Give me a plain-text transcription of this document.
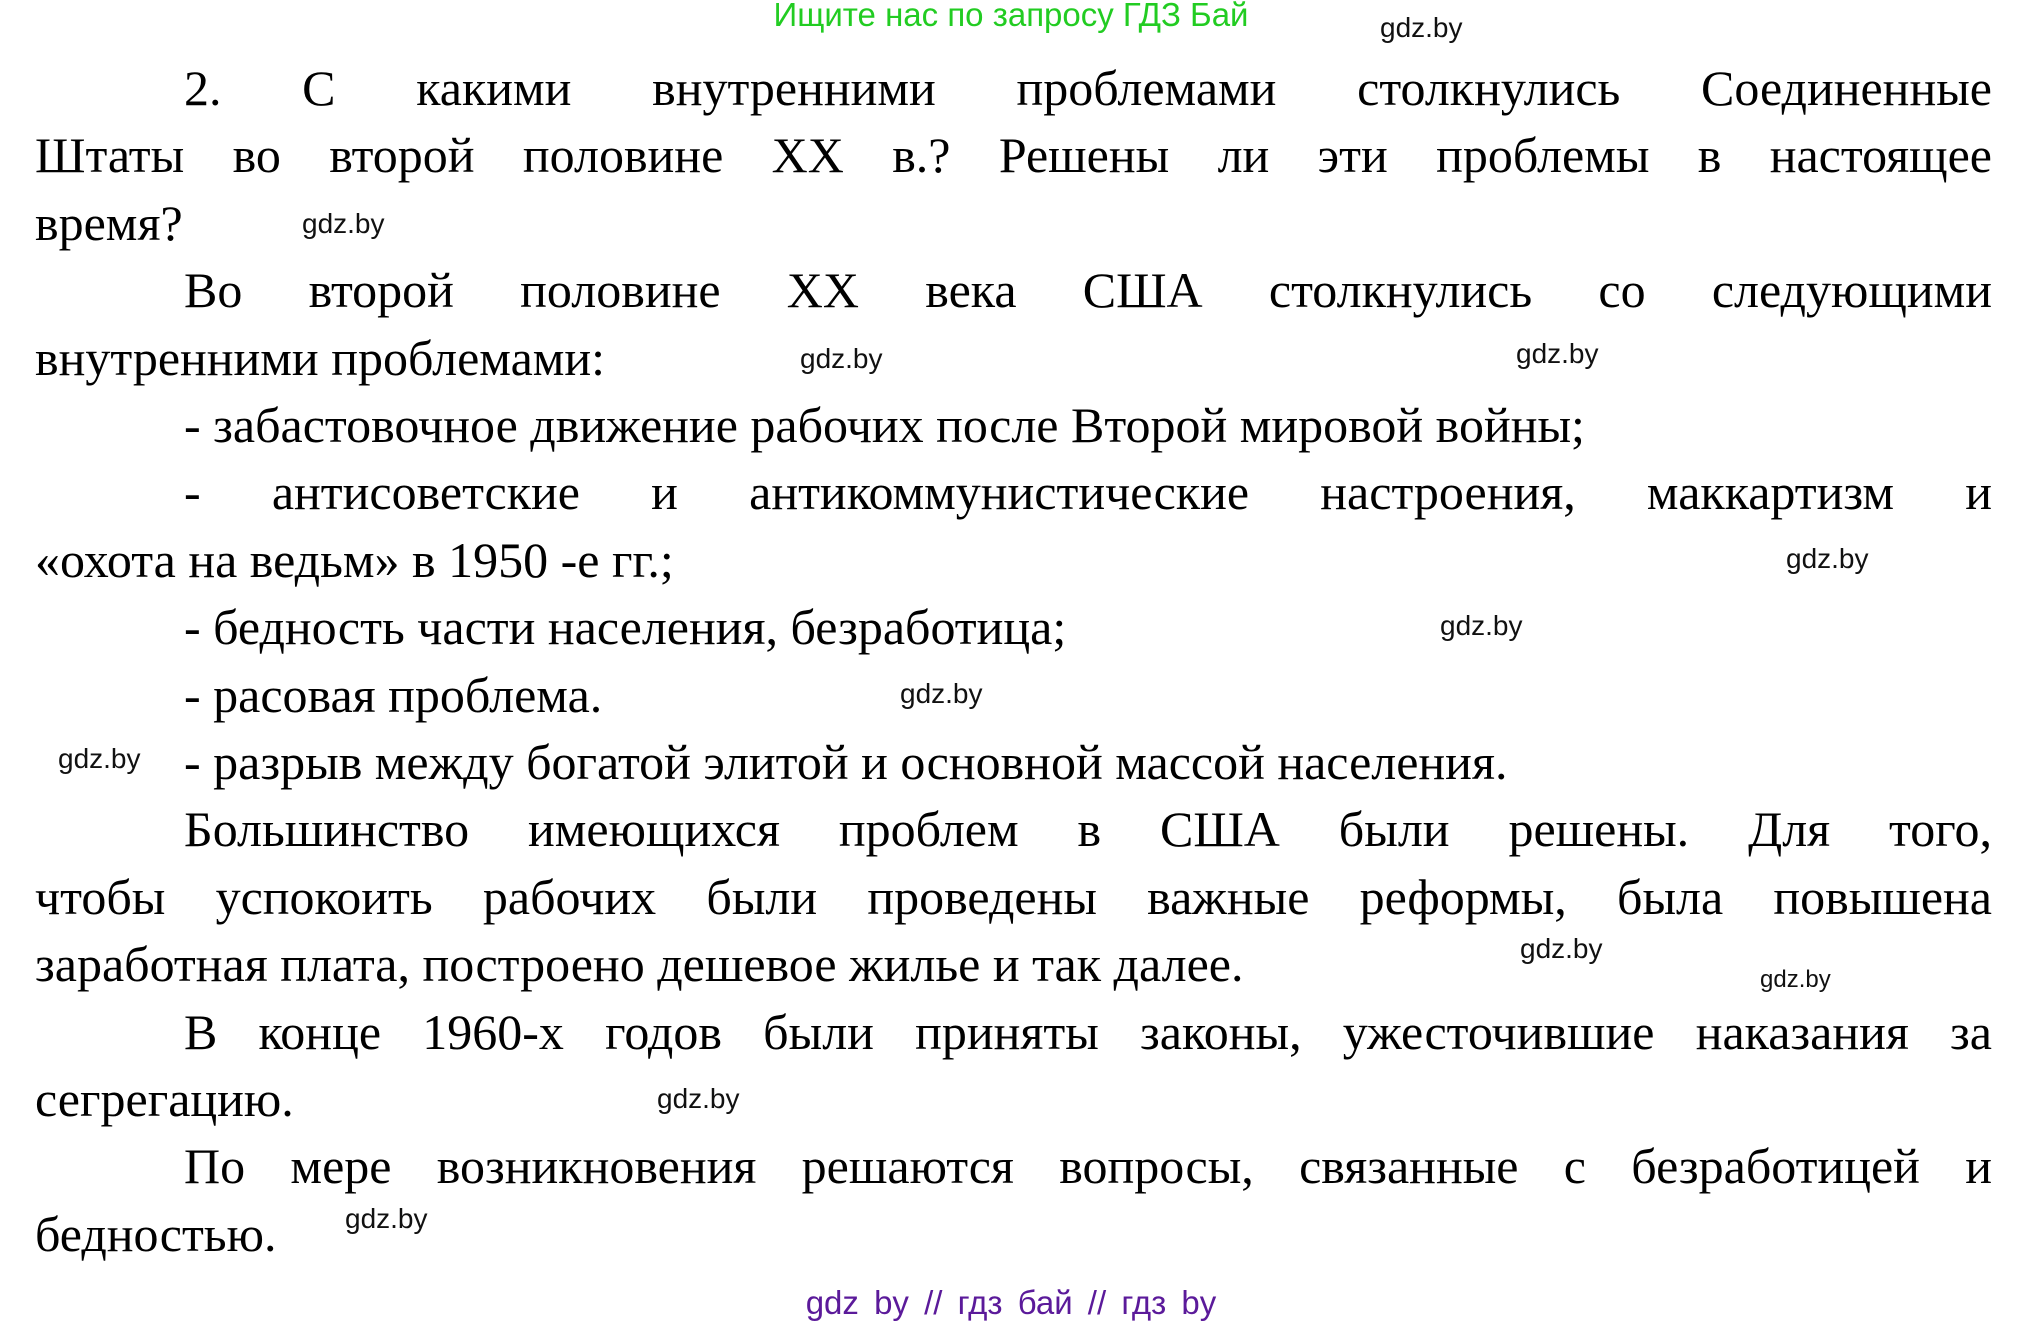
Ищите нас по запросу ГДЗ Бай
2. С какими внутренними проблемами столкнулись Соединенные
Штаты во второй половине XX в.? Решены ли эти проблемы в настоящее
время?
Во второй половине XX века США столкнулись со следующими
внутренними проблемами:
- забастовочное движение рабочих после Второй мировой войны;
- антисоветские и антикоммунистические настроения, маккартизм и
«охота на ведьм» в 1950 -е гг.;
- бедность части населения, безработица;
- расовая проблема.
- разрыв между богатой элитой и основной массой населения.
Большинство имеющихся проблем в США были решены. Для того,
чтобы успокоить рабочих были проведены важные реформы, была повышена
заработная плата, построено дешевое жилье и так далее.
В конце 1960-х годов были приняты законы, ужесточившие наказания за
сегрегацию.
По мере возникновения решаются вопросы, связанные с безработицей и
бедностью.
gdz.by
gdz.by
gdz.by
gdz.by
gdz.by
gdz.by
gdz.by
gdz.by
gdz.by
gdz.by
gdz.by
gdz.by
gdz by // гдз бай // гдз by
